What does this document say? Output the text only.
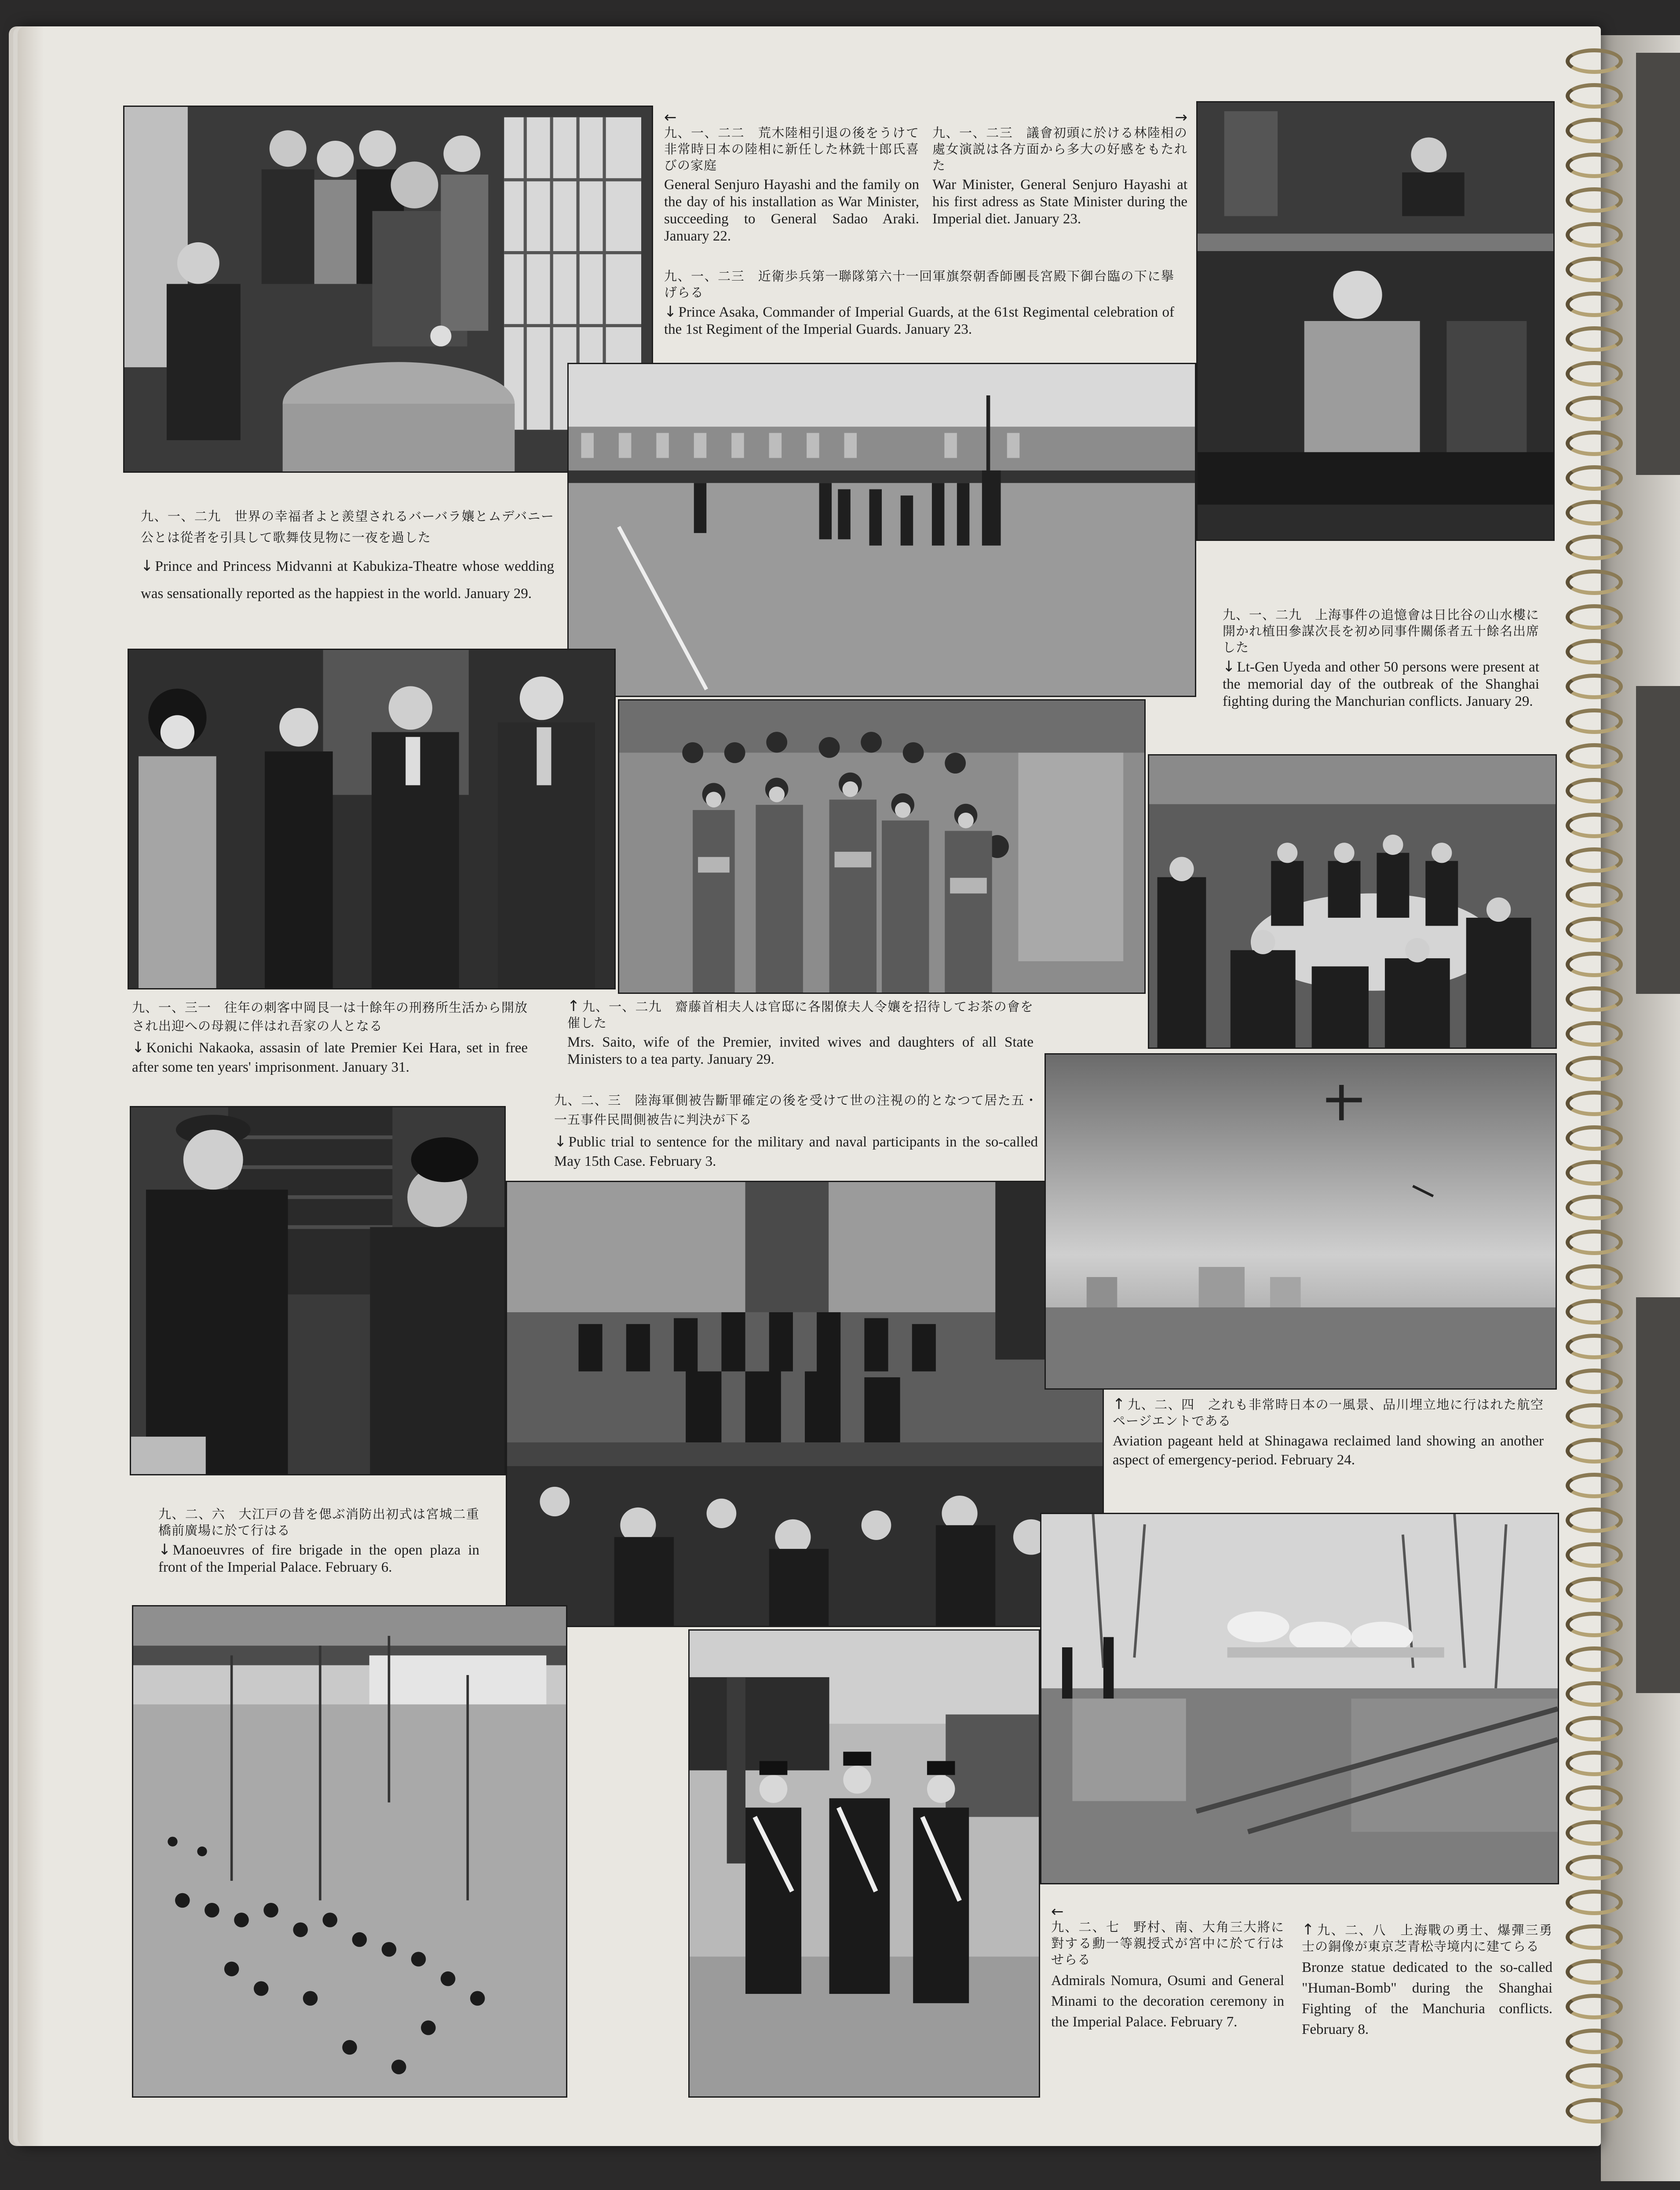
←
九、一、二二　荒木陸相引退の後をうけて非常時日本の陸相に新任した林銑十郎氏喜びの家庭
General Senjuro Hayashi and the family on the day of his installation as War Minister, succeeding to General Sadao Araki. January 22.
→
九、一、二三　議會初頭に於ける林陸相の處女演説は各方面から多大の好感をもたれた
War Minister, General Senjuro Hayashi at his first adress as State Minister during the Imperial diet. January 23.
九、一、二三　近衛歩兵第一聯隊第六十一回軍旗祭朝香師團長宮殿下御台臨の下に擧げらる
↓ Prince Asaka, Commander of Imperial Guards, at the 61st Regimental celebration of the 1st Regiment of the Imperial Guards. January 23.
九、一、二九　世界の幸福者よと羨望されるバーバラ孃とムデバニー公とは從者を引具して歌舞伎見物に一夜を過した
↓ Prince and Princess Midvanni at Kabukiza-Theatre whose wedding was sensationally reported as the happiest in the world. January 29.
九、一、二九　上海事件の追憶會は日比谷の山水樓に開かれ植田參謀次長を初め同事件關係者五十餘名出席した
↓ Lt-Gen Uyeda and other 50 persons were present at the memorial day of the outbreak of the Shanghai fighting during the Manchurian conflicts. January 29.
九、一、三一　往年の刺客中岡艮一は十餘年の刑務所生活から開放され出迎への母親に伴はれ吾家の人となる
↓ Konichi Nakaoka, assasin of late Premier Kei Hara, set in free after some ten years' imprisonment. January 31.
↑ 九、一、二九　齋藤首相夫人は官邸に各閣僚夫人令孃を招待してお茶の會を催した
Mrs. Saito, wife of the Premier, invited wives and daughters of all State Ministers to a tea party. January 29.
九、二、三　陸海軍側被告斷罪確定の後を受けて世の注視の的となつて居た五・一五事件民間側被告に判決が下る
↓ Public trial to sentence for the military and naval participants in the so-called May 15th Case. February 3.
↑ 九、二、四　之れも非常時日本の一風景、品川埋立地に行はれた航空ページエントである
Aviation pageant held at Shinagawa reclaimed land showing an another aspect of emergency-period. February 24.
九、二、六　大江戸の昔を偲ぶ消防出初式は宮城二重橋前廣場に於て行はる
↓ Manoeuvres of fire brigade in the open plaza in front of the Imperial Palace. February 6.
←
九、二、七　野村、南、大角三大將に對する勳一等親授式が宮中に於て行はせらる
Admirals Nomura, Osumi and General Minami to the decoration ceremony in the Imperial Palace. February 7.
↑ 九、二、八　上海戰の勇士、爆彈三勇士の銅像が東京芝青松寺境内に建てらる
Bronze statue dedicated to the so-called "Human-Bomb" during the Shanghai Fighting of the Manchuria conflicts. February 8.
